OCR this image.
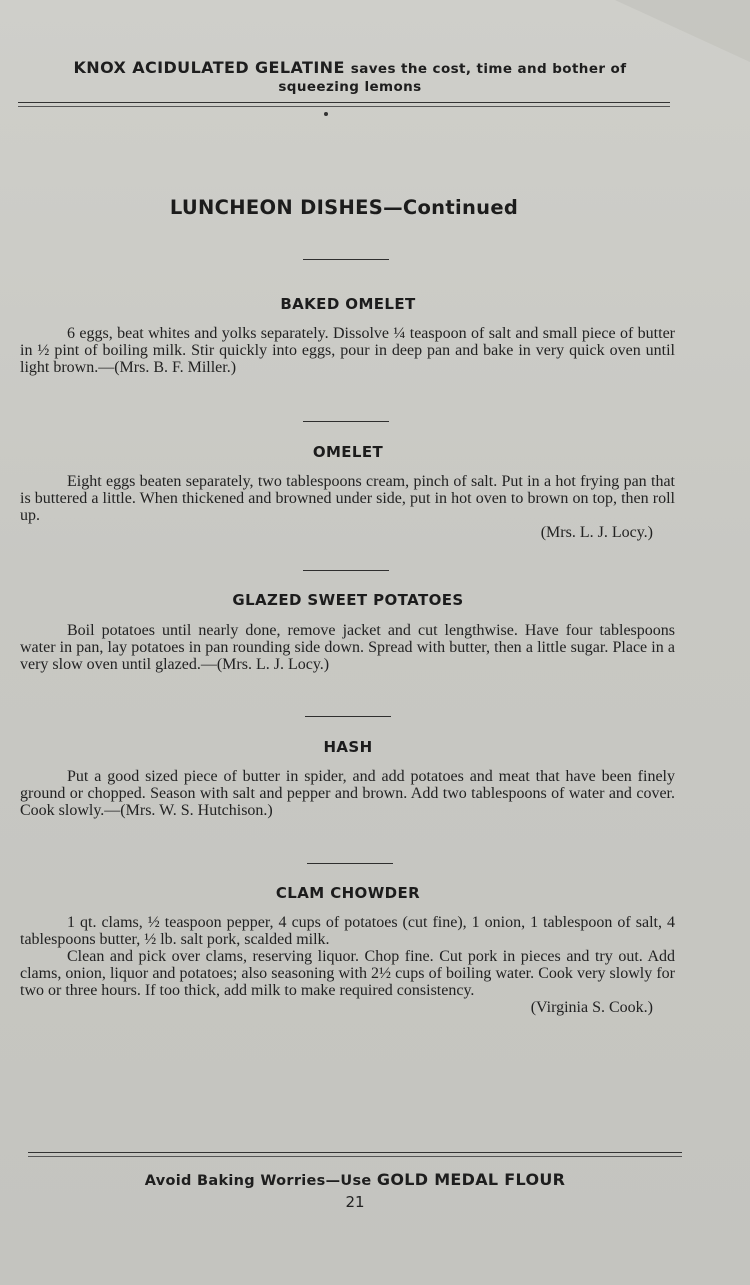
KNOX ACIDULATED GELATINE saves the cost, time and bother of
squeezing lemons
LUNCHEON DISHES—Continued
BAKED OMELET

6 eggs, beat whites and yolks separately. Dissolve ¼ teaspoon of salt and small piece of butter in ½ pint of boiling milk. Stir quickly into eggs, pour in deep pan and bake in very quick oven until light brown.—(Mrs. B. F. Miller.)

OMELET

Eight eggs beaten separately, two tablespoons cream, pinch of salt. Put in a hot frying pan that is buttered a little. When thickened and browned under side, put in hot oven to brown on top, then roll up.

(Mrs. L. J. Locy.)

GLAZED SWEET POTATOES

Boil potatoes until nearly done, remove jacket and cut lengthwise. Have four tablespoons water in pan, lay potatoes in pan rounding side down. Spread with butter, then a little sugar. Place in a very slow oven until glazed.—(Mrs. L. J. Locy.)

HASH

Put a good sized piece of butter in spider, and add potatoes and meat that have been finely ground or chopped. Season with salt and pepper and brown. Add two tablespoons of water and cover. Cook slowly.—(Mrs. W. S. Hutchison.)

CLAM CHOWDER

1 qt. clams, ½ teaspoon pepper, 4 cups of potatoes (cut fine), 1 onion, 1 tablespoon of salt, 4 tablespoons butter, ½ lb. salt pork, scalded milk.

Clean and pick over clams, reserving liquor. Chop fine. Cut pork in pieces and try out. Add clams, onion, liquor and potatoes; also seasoning with 2½ cups of boiling water. Cook very slowly for two or three hours. If too thick, add milk to make required consistency.

(Virginia S. Cook.)

Avoid Baking Worries—Use GOLD MEDAL FLOUR
21
